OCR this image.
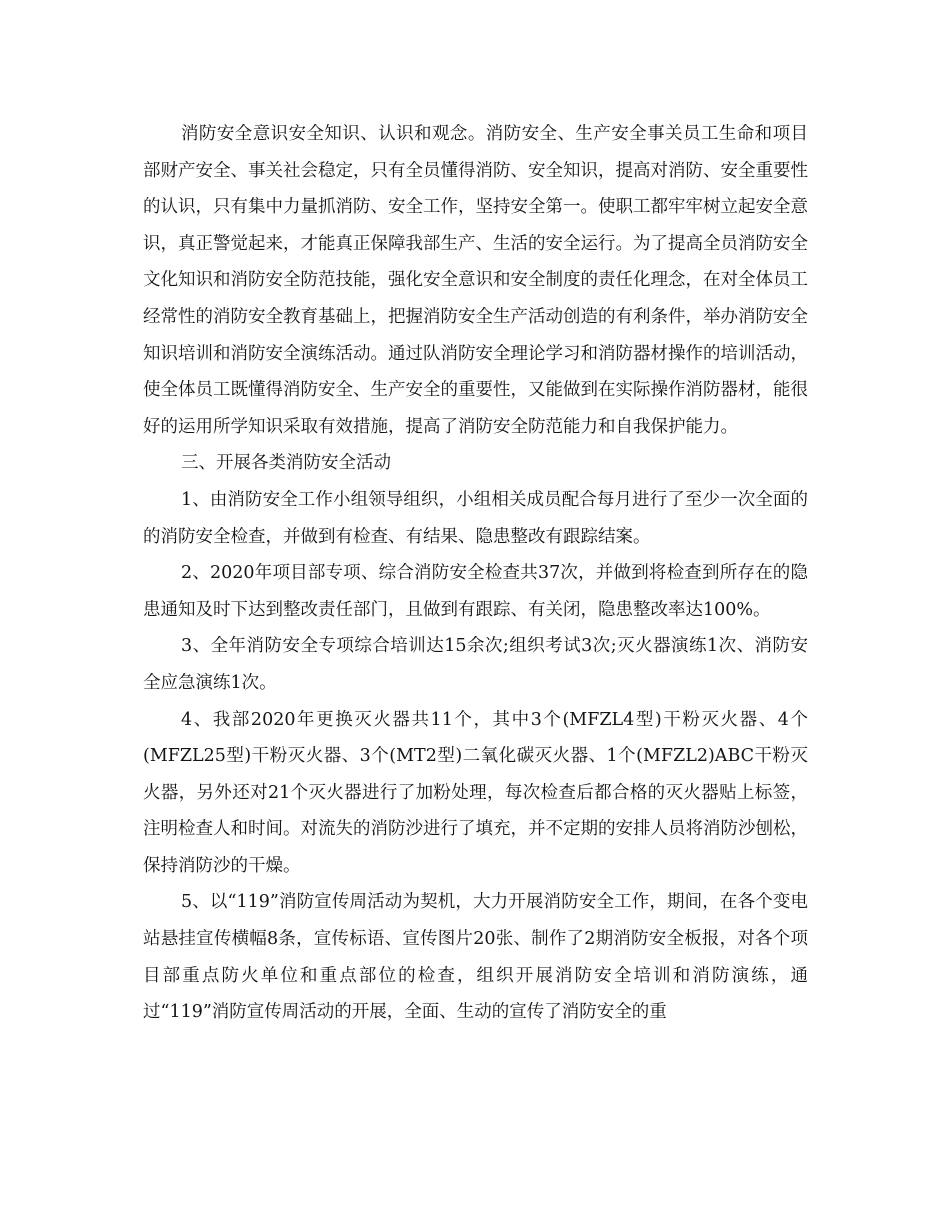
消防安全意识安全知识、认识和观念。消防安全、生产安全事关员工生命和项目部财产安全、事关社会稳定，只有全员懂得消防、安全知识，提高对消防、安全重要性的认识，只有集中力量抓消防、安全工作，坚持安全第一。使职工都牢牢树立起安全意识，真正警觉起来，才能真正保障我部生产、生活的安全运行。为了提高全员消防安全文化知识和消防安全防范技能，强化安全意识和安全制度的责任化理念，在对全体员工经常性的消防安全教育基础上，把握消防安全生产活动创造的有利条件，举办消防安全知识培训和消防安全演练活动。通过队消防安全理论学习和消防器材操作的培训活动，使全体员工既懂得消防安全、生产安全的重要性，又能做到在实际操作消防器材，能很好的运用所学知识采取有效措施，提高了消防安全防范能力和自我保护能力。

三、开展各类消防安全活动

1、由消防安全工作小组领导组织，小组相关成员配合每月进行了至少一次全面的的消防安全检查，并做到有检查、有结果、隐患整改有跟踪结案。

2、2020年项目部专项、综合消防安全检查共37次，并做到将检查到所存在的隐患通知及时下达到整改责任部门，且做到有跟踪、有关闭，隐患整改率达100%。

3、全年消防安全专项综合培训达15余次;组织考试3次;灭火器演练1次、消防安全应急演练1次。

4、我部2020年更换灭火器共11个，其中3个(MFZL4型)干粉灭火器、4个(MFZL25型)干粉灭火器、3个(MT2型)二氧化碳灭火器、1个(MFZL2)ABC干粉灭火器，另外还对21个灭火器进行了加粉处理，每次检查后都合格的灭火器贴上标签，注明检查人和时间。对流失的消防沙进行了填充，并不定期的安排人员将消防沙刨松，保持消防沙的干燥。

5、以“119”消防宣传周活动为契机，大力开展消防安全工作，期间，在各个变电站悬挂宣传横幅8条，宣传标语、宣传图片20张、制作了2期消防安全板报，对各个项目部重点防火单位和重点部位的检查，组织开展消防安全培训和消防演练，通过“119”消防宣传周活动的开展，全面、生动的宣传了消防安全的重
